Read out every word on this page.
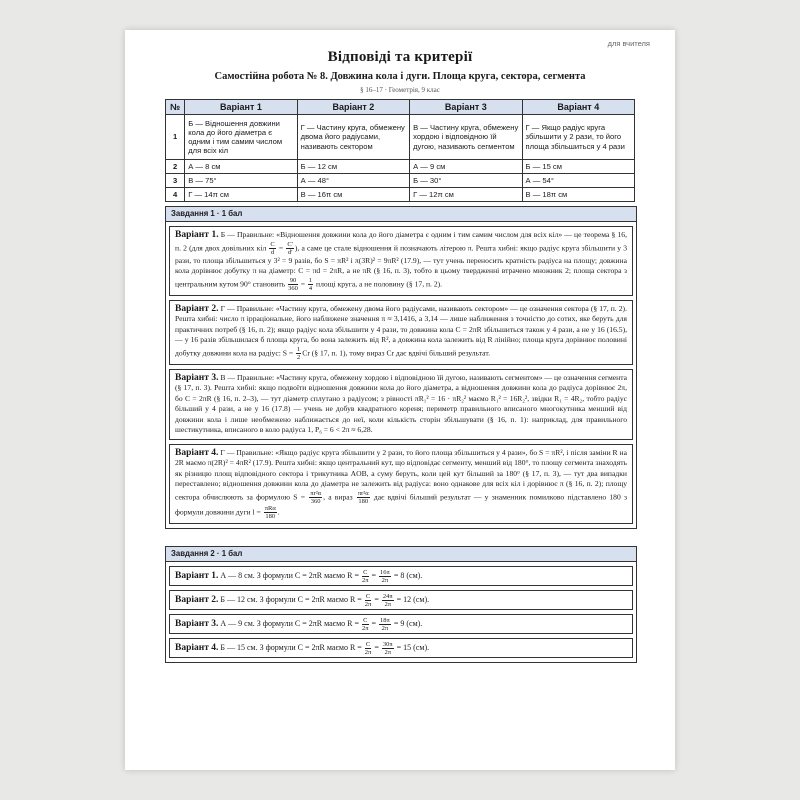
для вчителя
Відповіді та критерії
Самостійна робота № 8. Довжина кола і дуги. Площа круга, сектора, сегмента
§ 16–17 · Геометрія, 9 клас
№	Варіант 1	Варіант 2	Варіант 3	Варіант 4
1	Б — Відношення довжини кола до його діаметра є одним і тим самим числом для всіх кіл	Г — Частину круга, обмежену двома його радіусами, називають сектором	В — Частину круга, обмежену хордою і відповідною їй дугою, називають сегментом	Г — Якщо радіус круга збільшити у 2 рази, то його площа збільшиться у 4 рази
2	А — 8 см	Б — 12 см	А — 9 см	Б — 15 см
3	В — 75°	А — 48°	Б — 30°	А — 54°
4	Г — 14π см	В — 16π см	Г — 12π см	В — 18π см
Завдання 1 · 1 бал
Варіант 1. Б — Правильне: «Відношення довжини кола до його діаметра є одним і тим самим числом для всіх кіл» — це теорема § 16, п. 2 (для двох довільних кіл $\frac{C}{d} = \frac{C'}{d'}$ ), а саме це стале відношення й позначають літерою π. Решта хибні: якщо радіус круга збільшити у 3 рази, то площа збільшиться у 3² = 9 разів, бо S = πR² і π(3R)² = 9πR² (17.9), — тут учень переносить кратність радіуса на площу; довжина кола дорівнює добутку π на діаметр: C = πd = 2πR, а не πR (§ 16, п. 3), тобто в цьому твердженні втрачено множник 2; площа сектора з центральним кутом 90° становить $\frac{90}{360} = \frac{1}{4}$ площі круга, а не половину (§ 17, п. 2).
Варіант 2. Г — Правильне: «Частину круга, обмежену двома його радіусами, називають сектором» — це означення сектора (§ 17, п. 2). Решта хибні: число π ірраціональне, його наближене значення π ≈ 3,1416, а 3,14 — лише наближення з точністю до сотих, яке беруть для практичних потреб (§ 16, п. 2); якщо радіус кола збільшити у 4 рази, то довжина кола C = 2πR збільшиться також у 4 рази, а не у 16 (16.5), — у 16 разів збільшилася б площа круга, бо вона залежить від R², а довжина кола залежить від R лінійно; площа круга дорівнює половині добутку довжини кола на радіус: $S = \frac{1}{2}$ Cr (§ 17, п. 1), тому вираз Cr дає вдвічі більший результат.
Варіант 3. В — Правильне: «Частину круга, обмежену хордою і відповідною їй дугою, називають сегментом» — це означення сегмента (§ 17, п. 3). Решта хибні: якщо подвоїти відношення довжини кола до його діаметра, а відношення довжини кола до радіуса дорівнює 2π, бо C = 2πR (§ 16, п. 2–3), — тут діаметр сплутано з радіусом; з рівності πR₁² = 16 · πR₂² маємо R₁² = 16R₂², звідки R₁ = 4R₂, тобто радіус більший у 4 рази, а не у 16 (17.8) — учень не добув квадратного кореня; периметр правильного вписаного многокутника менший від довжини кола і лише необмежено наближається до неї, коли кількість сторін збільшувати (§ 16, п. 1): наприклад, для правильного шестикутника, вписаного в коло радіуса 1, P₆ = 6 < 2π ≈ 6,28.
Варіант 4. Г — Правильне: «Якщо радіус круга збільшити у 2 рази, то його площа збільшиться у 4 рази», бо S = πR², і після заміни R на 2R маємо π(2R)² = 4πR² (17.9). Решта хибні: якщо центральний кут, що відповідає сегменту, менший від 180°, то площу сегмента знаходять як різницю площ відповідного сектора і трикутника AOB, а суму беруть, коли цей кут більший за 180° (§ 17, п. 3), — тут два випадки переставлено; відношення довжини кола до діаметра не залежить від радіуса: воно однакове для всіх кіл і дорівнює π (§ 16, п. 2); площу сектора обчислюють за формулою $S = \frac{\text{πr²α}}{360}$ , а вираз $\frac{\text{πr²α}}{180}$ дає вдвічі більший результат — у знаменник помилково підставлено 180 з формули довжини дуги $l = \frac{\text{πRα}}{180}$ .
Завдання 2 · 1 бал
Варіант 1. А — 8 см. З формули C = 2πR маємо $R = \frac{C}{2\pi} = \frac{16\pi}{2\pi} = 8$ (см).
Варіант 2. Б — 12 см. З формули C = 2πR маємо $R = \frac{C}{2\pi} = \frac{24\pi}{2\pi} = 12$ (см).
Варіант 3. А — 9 см. З формули C = 2πR маємо $R = \frac{C}{2\pi} = \frac{18\pi}{2\pi} = 9$ (см).
Варіант 4. Б — 15 см. З формули C = 2πR маємо $R = \frac{C}{2\pi} = \frac{30\pi}{2\pi} = 15$ (см).
